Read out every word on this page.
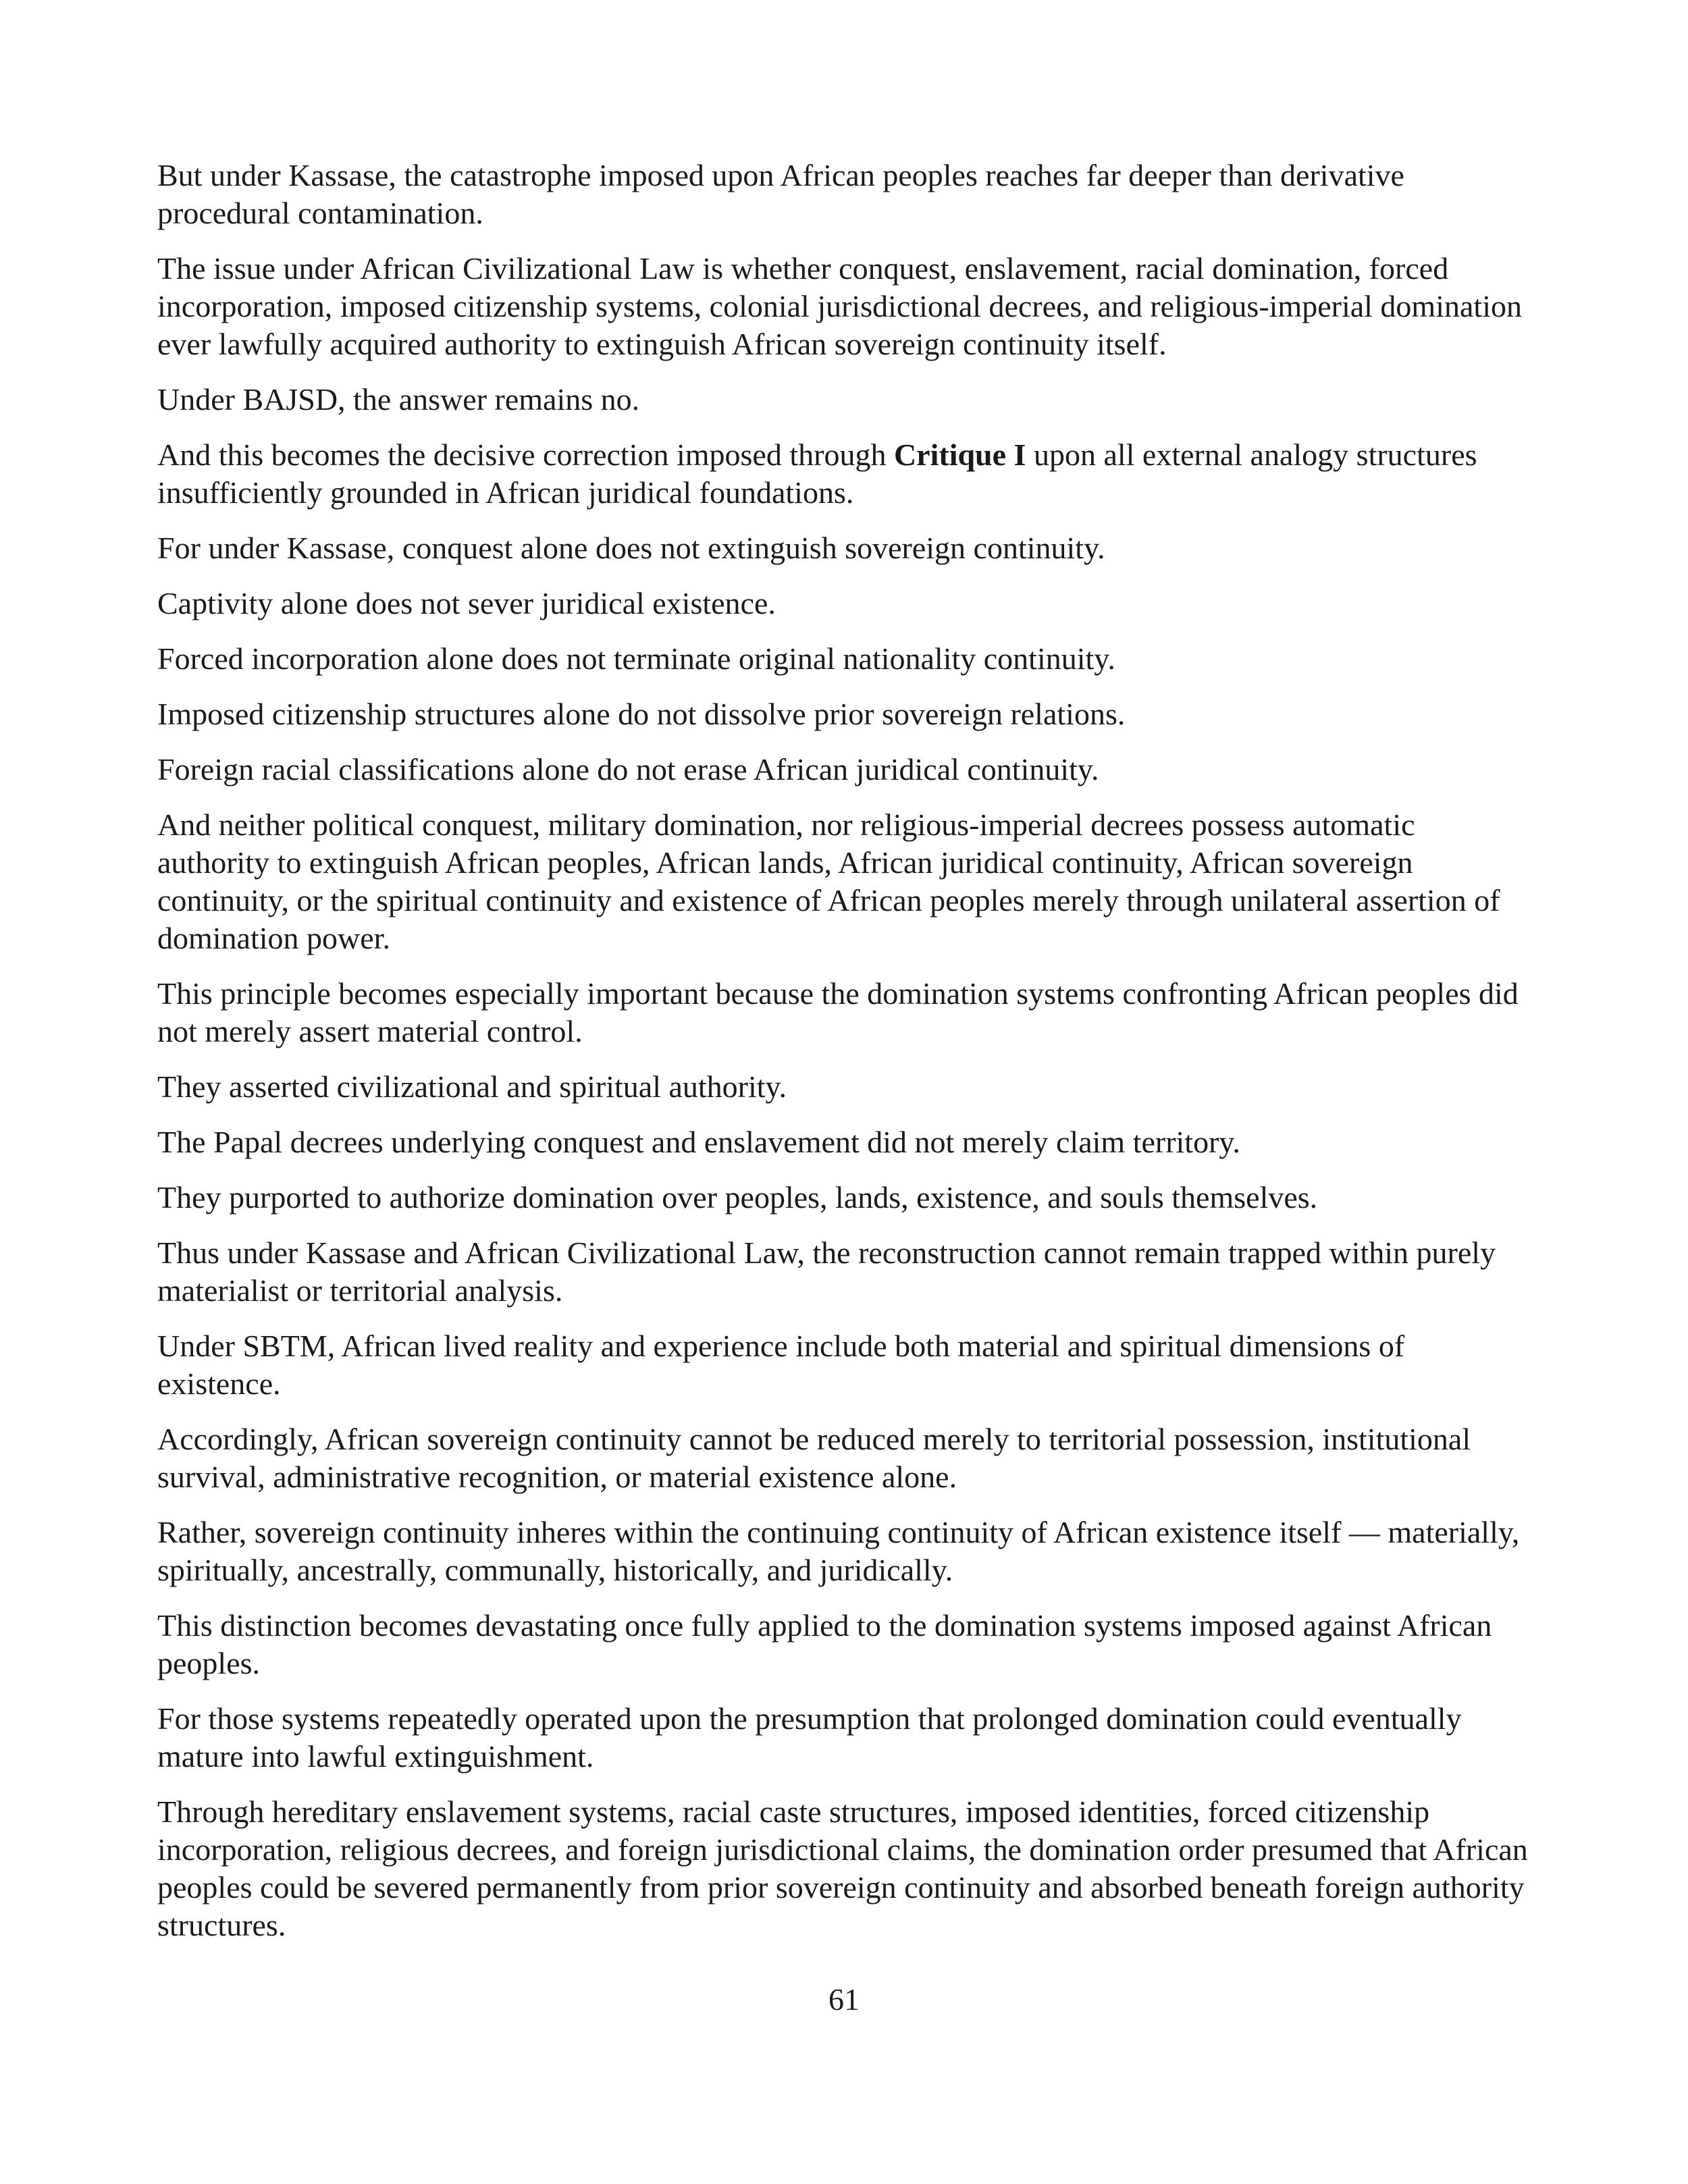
But under Kassase, the catastrophe imposed upon African peoples reaches far deeper than derivative procedural contamination.

The issue under African Civilizational Law is whether conquest, enslavement, racial domination, forced incorporation, imposed citizenship systems, colonial jurisdictional decrees, and religious-imperial domination ever lawfully acquired authority to extinguish African sovereign continuity itself.

Under BAJSD, the answer remains no.

And this becomes the decisive correction imposed through Critique I upon all external analogy structures insufficiently grounded in African juridical foundations.

For under Kassase, conquest alone does not extinguish sovereign continuity.

Captivity alone does not sever juridical existence.

Forced incorporation alone does not terminate original nationality continuity.

Imposed citizenship structures alone do not dissolve prior sovereign relations.

Foreign racial classifications alone do not erase African juridical continuity.

And neither political conquest, military domination, nor religious-imperial decrees possess automatic authority to extinguish African peoples, African lands, African juridical continuity, African sovereign continuity, or the spiritual continuity and existence of African peoples merely through unilateral assertion of domination power.

This principle becomes especially important because the domination systems confronting African peoples did not merely assert material control.

They asserted civilizational and spiritual authority.

The Papal decrees underlying conquest and enslavement did not merely claim territory.

They purported to authorize domination over peoples, lands, existence, and souls themselves.

Thus under Kassase and African Civilizational Law, the reconstruction cannot remain trapped within purely materialist or territorial analysis.

Under SBTM, African lived reality and experience include both material and spiritual dimensions of existence.

Accordingly, African sovereign continuity cannot be reduced merely to territorial possession, institutional survival, administrative recognition, or material existence alone.

Rather, sovereign continuity inheres within the continuing continuity of African existence itself — materially, spiritually, ancestrally, communally, historically, and juridically.

This distinction becomes devastating once fully applied to the domination systems imposed against African peoples.

For those systems repeatedly operated upon the presumption that prolonged domination could eventually mature into lawful extinguishment.

Through hereditary enslavement systems, racial caste structures, imposed identities, forced citizenship incorporation, religious decrees, and foreign jurisdictional claims, the domination order presumed that African peoples could be severed permanently from prior sovereign continuity and absorbed beneath foreign authority structures.

61
